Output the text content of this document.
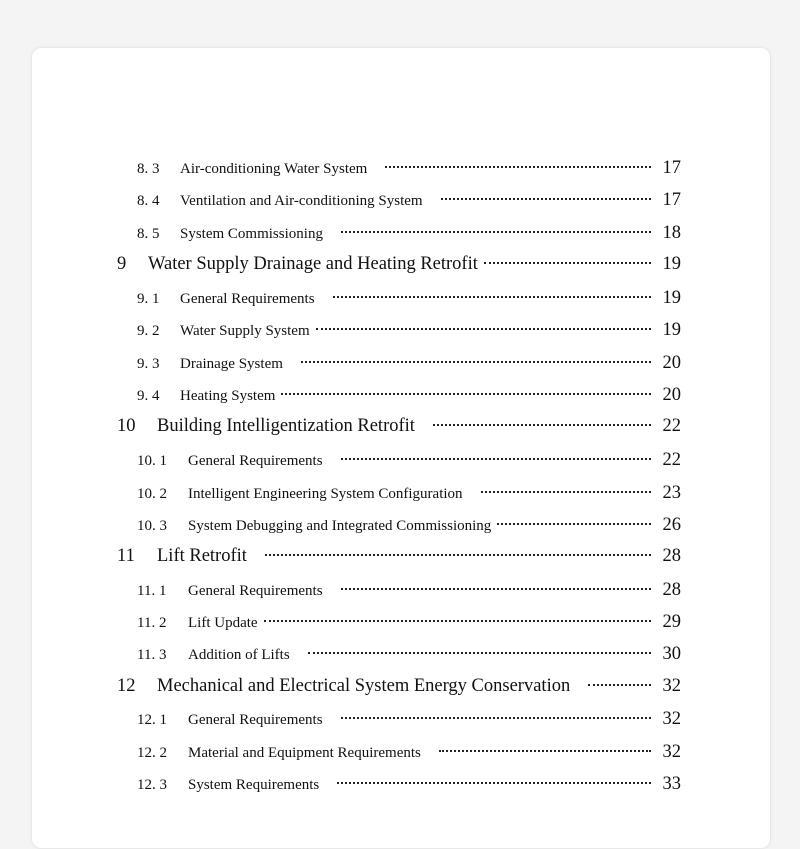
8. 3	Air-conditioning Water System	17
8. 4	Ventilation and Air-conditioning System	17
8. 5	System Commissioning	18
9	Water Supply Drainage and Heating Retrofit	19
9. 1	General Requirements	19
9. 2	Water Supply System	19
9. 3	Drainage System	20
9. 4	Heating System	20
10	Building Intelligentization Retrofit	22
10. 1	General Requirements	22
10. 2	Intelligent Engineering System Configuration	23
10. 3	System Debugging and Integrated Commissioning	26
11	Lift Retrofit	28
11. 1	General Requirements	28
11. 2	Lift Update	29
11. 3	Addition of Lifts	30
12	Mechanical and Electrical System Energy Conservation	32
12. 1	General Requirements	32
12. 2	Material and Equipment Requirements	32
12. 3	System Requirements	33
